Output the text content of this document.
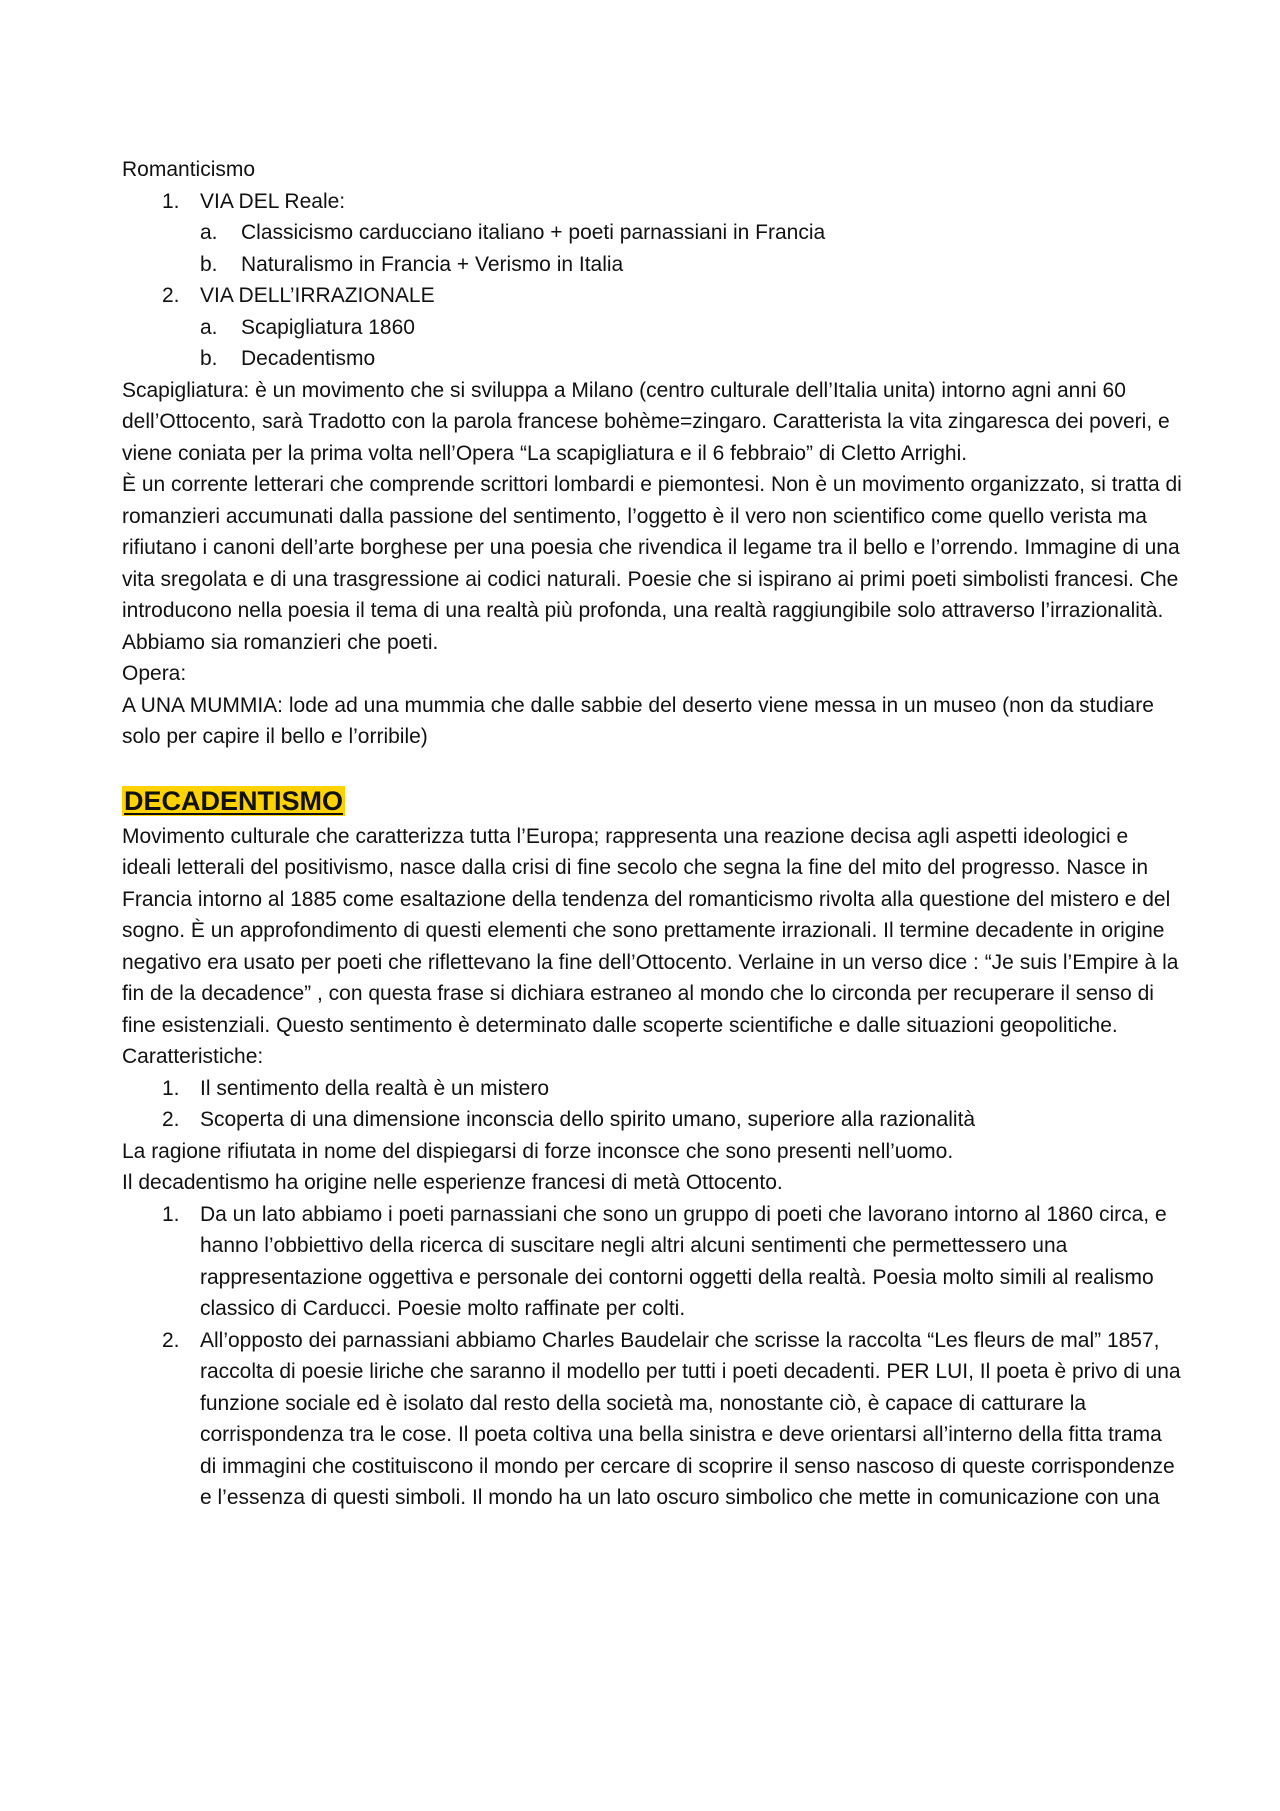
Romanticismo

1. VIA DEL Reale:
a.	Classicismo carducciano italiano + poeti parnassiani in Francia
b.	Naturalismo in Francia + Verismo in Italia
2. VIA DELL’IRRAZIONALE
a.	Scapigliatura 1860
b.	Decadentismo

Scapigliatura: è un movimento che si sviluppa a Milano (centro culturale dell’Italia unita) intorno agni anni 60 dell’Ottocento, sarà Tradotto con la parola francese bohème=zingaro. Caratterista la vita zingaresca dei poveri, e viene coniata per la prima volta nell’Opera “La scapigliatura e il 6 febbraio” di Cletto Arrighi.

È un corrente letterari che comprende scrittori lombardi e piemontesi. Non è un movimento organizzato, si tratta di romanzieri accumunati dalla passione del sentimento, l’oggetto è il vero non scientifico come quello verista ma rifiutano i canoni dell’arte borghese per una poesia che rivendica il legame tra il bello e l’orrendo. Immagine di una vita sregolata e di una trasgressione ai codici naturali. Poesie che si ispirano ai primi poeti simbolisti francesi. Che introducono nella poesia il tema di una realtà più profonda, una realtà raggiungibile solo attraverso l’irrazionalità. Abbiamo sia romanzieri che poeti.

Opera:

A UNA MUMMIA: lode ad una mummia che dalle sabbie del deserto viene messa in un museo (non da studiare solo per capire il bello e l’orribile)

DECADENTISMO

Movimento culturale che caratterizza tutta l’Europa; rappresenta una reazione decisa agli aspetti ideologici e ideali letterali del positivismo, nasce dalla crisi di fine secolo che segna la fine del mito del progresso. Nasce in Francia intorno al 1885 come esaltazione della tendenza del romanticismo rivolta alla questione del mistero e del sogno. È un approfondimento di questi elementi che sono prettamente irrazionali. Il termine decadente in origine negativo era usato per poeti che riflettevano la fine dell’Ottocento. Verlaine in un verso dice : “Je suis l’Empire à la fin de la decadence” , con questa frase si dichiara estraneo al mondo che lo circonda per recuperare il senso di fine esistenziali. Questo sentimento è determinato dalle scoperte scientifiche e dalle situazioni geopolitiche.

Caratteristiche:

1. Il sentimento della realtà è un mistero
2. Scoperta di una dimensione inconscia dello spirito umano, superiore alla razionalità

La ragione rifiutata in nome del dispiegarsi di forze inconsce che sono presenti nell’uomo.

Il decadentismo ha origine nelle esperienze francesi di metà Ottocento.

1. Da un lato abbiamo i poeti parnassiani che sono un gruppo di poeti che lavorano intorno al 1860 circa, e hanno l’obbiettivo della ricerca di suscitare negli altri alcuni sentimenti che permettessero una rappresentazione oggettiva e personale dei contorni oggetti della realtà. Poesia molto simili al realismo classico di Carducci. Poesie molto raffinate per colti.
2. All’opposto dei parnassiani abbiamo Charles Baudelair che scrisse la raccolta “Les fleurs de mal” 1857, raccolta di poesie liriche che saranno il modello per tutti i poeti decadenti. PER LUI, Il poeta è privo di una funzione sociale ed è isolato dal resto della società ma, nonostante ciò, è capace di catturare la corrispondenza tra le cose. Il poeta coltiva una bella sinistra e deve orientarsi all’interno della fitta trama di immagini che costituiscono il mondo per cercare di scoprire il senso nascoso di queste corrispondenze e l’essenza di questi simboli. Il mondo ha un lato oscuro simbolico che mette in comunicazione con una
